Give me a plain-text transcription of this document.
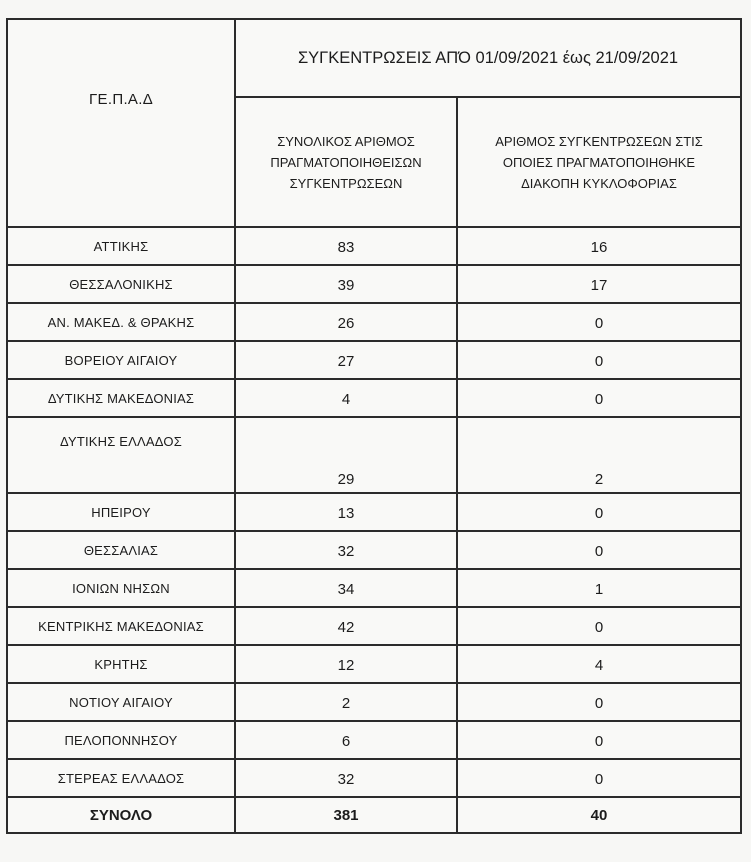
ΓΕ.Π.Α.Δ	ΣΥΓΚΕΝΤΡΩΣΕΙΣ ΑΠΌ 01/09/2021 έως 21/09/2021	

	ΣΥΝΟΛΙΚΟΣ ΑΡΙΘΜΟΣ ΠΡΑΓΜΑΤΟΠΟΙΗΘΕΙΣΩΝ ΣΥΓΚΕΝΤΡΩΣΕΩΝ	ΑΡΙΘΜΟΣ ΣΥΓΚΕΝΤΡΩΣΕΩΝ ΣΤΙΣ ΟΠΟΙΕΣ ΠΡΑΓΜΑΤΟΠΟΙΗΘΗΚΕ ΔΙΑΚΟΠΗ ΚΥΚΛΟΦΟΡΙΑΣ

ΑΤΤΙΚΗΣ	83	16
ΘΕΣΣΑΛΟΝΙΚΗΣ	39	17
ΑΝ. ΜΑΚΕΔ. & ΘΡΑΚΗΣ	26	0
ΒΟΡΕΙΟΥ ΑΙΓΑΙΟΥ	27	0
ΔΥΤΙΚΗΣ ΜΑΚΕΔΟΝΙΑΣ	4	0
ΔΥΤΙΚΗΣ ΕΛΛΑΔΟΣ	29	2
ΗΠΕΙΡΟΥ	13	0
ΘΕΣΣΑΛΙΑΣ	32	0
ΙΟΝΙΩΝ ΝΗΣΩΝ	34	1
ΚΕΝΤΡΙΚΗΣ ΜΑΚΕΔΟΝΙΑΣ	42	0
ΚΡΗΤΗΣ	12	4
ΝΟΤΙΟΥ ΑΙΓΑΙΟΥ	2	0
ΠΕΛΟΠΟΝΝΗΣΟΥ	6	0
ΣΤΕΡΕΑΣ ΕΛΛΑΔΟΣ	32	0
ΣΥΝΟΛΟ	381	40
